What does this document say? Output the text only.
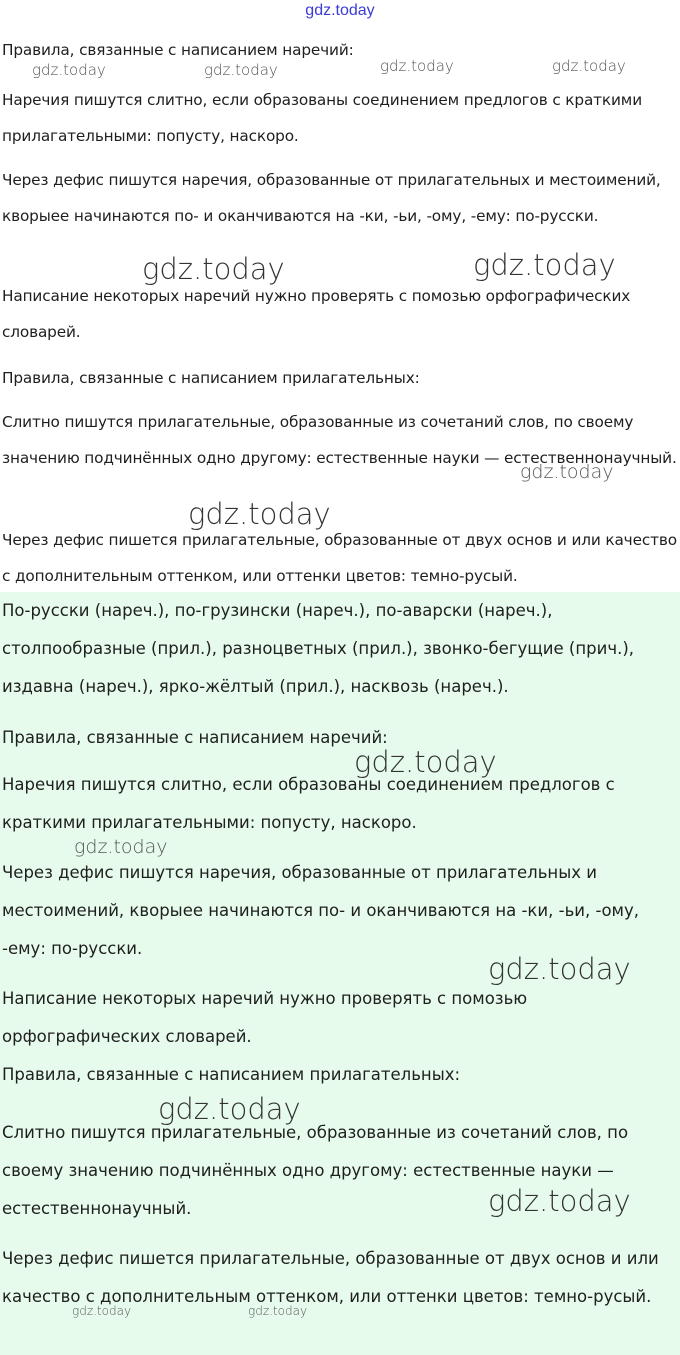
gdz.today

Правила, связанные с написанием наречий:

Наречия пишутся слитно, если образованы соединением предлогов с краткими прилагательными: попусту, наскоро.

Через дефис пишутся наречия, образованные от прилагательных и местоимений, кворыее начинаются по- и оканчиваются на -ки, -ьи, -ому, -ему: по-русски.

Написание некоторых наречий нужно проверять с помозью орфографических словарей.

Правила, связанные с написанием прилагательных:

Слитно пишутся прилагательные, образованные из сочетаний слов, по своему значению подчинённых одно другому: естественные науки — естественнонаучный.

Через дефис пишется прилагательные, образованные от двух основ и или качество с дополнительным оттенком, или оттенки цветов: темно-русый.

По-русски (нареч.), по-грузински (нареч.), по-аварски (нареч.), столпообразные (прил.), разноцветных (прил.), звонко-бегущие (прич.), издавна (нареч.), ярко-жёлтый (прил.), насквозь (нареч.).

Правила, связанные с написанием наречий:

Наречия пишутся слитно, если образованы соединением предлогов с краткими прилагательными: попусту, наскоро.

Через дефис пишутся наречия, образованные от прилагательных и местоимений, кворыее начинаются по- и оканчиваются на -ки, -ьи, -ому, -ему: по-русски.

Написание некоторых наречий нужно проверять с помозью орфографических словарей.

Правила, связанные с написанием прилагательных:

Слитно пишутся прилагательные, образованные из сочетаний слов, по своему значению подчинённых одно другому: естественные науки — естественнонаучный.

Через дефис пишется прилагательные, образованные от двух основ и или качество с дополнительным оттенком, или оттенки цветов: темно-русый.

gdz.today	gdz.today	gdz.today	gdz.today
gdz.today	gdz.today
gdz.today
gdz.today
gdz.today
gdz.today
gdz.today
gdz.today
gdz.today
gdz.today	gdz.today
